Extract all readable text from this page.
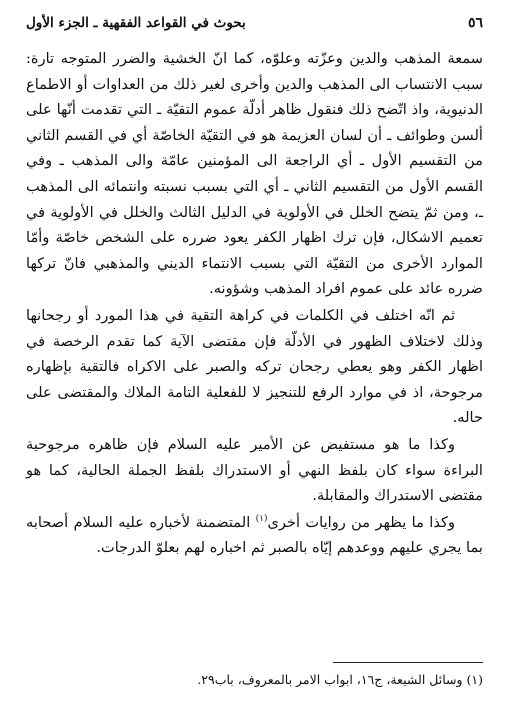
٥٦
بحوث في القواعد الفقهية ـ الجزء الأول

سمعة المذهب والدين وعزّته وعلوّه، كما انّ الخشية والضرر المتوجه تارة: سبب الانتساب الى المذهب والدين وأخرى لغير ذلك من العداوات أو الاطماع الدنيوية، واذ اتّضح ذلك فنقول ظاهر أدلّة عموم التقيّة ـ التي تقدمت أنّها على ألسن وطوائف ـ أن لسان العزيمة هو في التقيّة الخاصّة أي في القسم الثاني من التقسيم الأول ـ أي الراجعة الى المؤمنين عامّة والى المذهب ـ وفي القسم الأول من التقسيم الثاني ـ أي التي بسبب نسبته وانتمائه الى المذهب ـ، ومن ثمّ يتضح الخلل في الأولوية في الدليل الثالث والخلل في الأولوية في تعميم الاشكال، فإن ترك اظهار الكفر يعود ضرره على الشخص خاصّة وأمّا الموارد الأخرى من التقيّة التي بسبب الانتماء الديني والمذهبي فانّ تركها ضرره عائد على عموم افراد المذهب وشؤونه.

ثم انّه اختلف في الكلمات في كراهة التقية في هذا المورد أو رجحانها وذلك لاختلاف الظهور في الأدلّة فإن مقتضى الآية كما تقدم الرخصة في اظهار الكفر وهو يعطي رجحان تركه والصبر على الاكراه فالتقية بإظهاره مرجوحة، اذ في موارد الرفع للتنجيز لا للفعلية التامة الملاك والمقتضى على حاله.

وكذا ما هو مستفيض عن الأمير عليه السلام فإن ظاهره مرجوحية البراءة سواء كان بلفظ النهي أو الاستدراك بلفظ الجملة الحالية، كما هو مقتضى الاستدراك والمقابلة.

وكذا ما يظهر من روايات أخرى$^{(١)}$ المتضمنة لأخباره عليه السلام أصحابه بما يجري عليهم ووعدهم إيّاه بالصبر ثم اخباره لهم بعلوّ الدرجات.

(١) وسائل الشيعة، ج١٦، ابواب الامر بالمعروف، باب٢٩.
